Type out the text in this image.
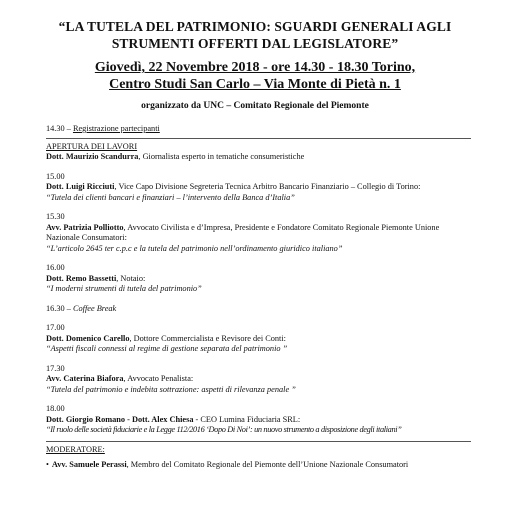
“LA TUTELA DEL PATRIMONIO: SGUARDI GENERALI AGLI
STRUMENTI OFFERTI DAL LEGISLATORE”
Giovedì, 22 Novembre 2018 - ore 14.30 - 18.30 Torino,
Centro Studi San Carlo – Via Monte di Pietà n. 1
organizzato da UNC – Comitato Regionale del Piemonte

14.30 – Registrazione partecipanti

APERTURA DEI LAVORI

Dott. Maurizio Scandurra, Giornalista esperto in tematiche consumeristiche

15.00

Dott. Luigi Ricciuti, Vice Capo Divisione Segreteria Tecnica Arbitro Bancario Finanziario – Collegio di Torino:

“Tutela dei clienti bancari e finanziari – l’intervento della Banca d’Italia”

15.30

Avv. Patrizia Polliotto, Avvocato Civilista e d’Impresa, Presidente e Fondatore Comitato Regionale Piemonte Unione

Nazionale Consumatori:

“L’articolo 2645 ter c.p.c e la tutela del patrimonio nell’ordinamento giuridico italiano”

16.00

Dott. Remo Bassetti, Notaio:

“I moderni strumenti di tutela del patrimonio”

16.30 – Coffee Break

17.00

Dott. Domenico Carello, Dottore Commercialista e Revisore dei Conti:

“Aspetti fiscali connessi al regime di gestione separata del patrimonio ”

17.30

Avv. Caterina Biafora, Avvocato Penalista:

“Tutela del patrimonio e indebita sottrazione: aspetti di rilevanza penale ”

18.00

Dott. Giorgio Romano - Dott. Alex Chiesa - CEO Lumina Fiduciaria SRL:

“Il ruolo delle società fiduciarie e la Legge 112/2016 ‘Dopo Di Noi’: un nuovo strumento a disposizione degli italiani”

MODERATORE:

• Avv. Samuele Perassi, Membro del Comitato Regionale del Piemonte dell’Unione Nazionale Consumatori
